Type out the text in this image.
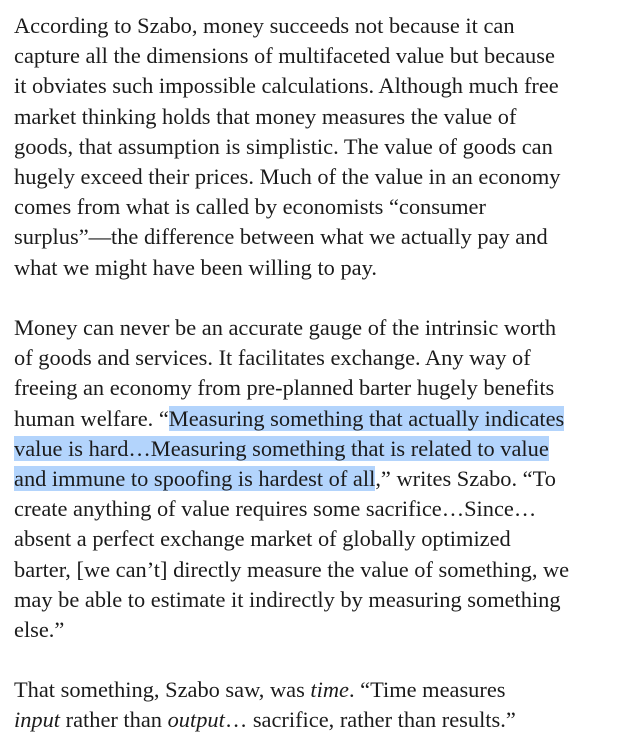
According to Szabo, money succeeds not because it can
capture all the dimensions of multifaceted value but because
it obviates such impossible calculations. Although much free
market thinking holds that money measures the value of
goods, that assumption is simplistic. The value of goods can
hugely exceed their prices. Much of the value in an economy
comes from what is called by economists “consumer
surplus”—the difference between what we actually pay and
what we might have been willing to pay.
Money can never be an accurate gauge of the intrinsic worth
of goods and services. It facilitates exchange. Any way of
freeing an economy from pre-planned barter hugely benefits
human welfare. “Measuring something that actually indicates
value is hard…Measuring something that is related to value
and immune to spoofing is hardest of all,” writes Szabo. “To
create anything of value requires some sacrifice…Since…
absent a perfect exchange market of globally optimized
barter, [we can’t] directly measure the value of something, we
may be able to estimate it indirectly by measuring something
else.”
That something, Szabo saw, was time. “Time measures
input rather than output… sacrifice, rather than results.”
